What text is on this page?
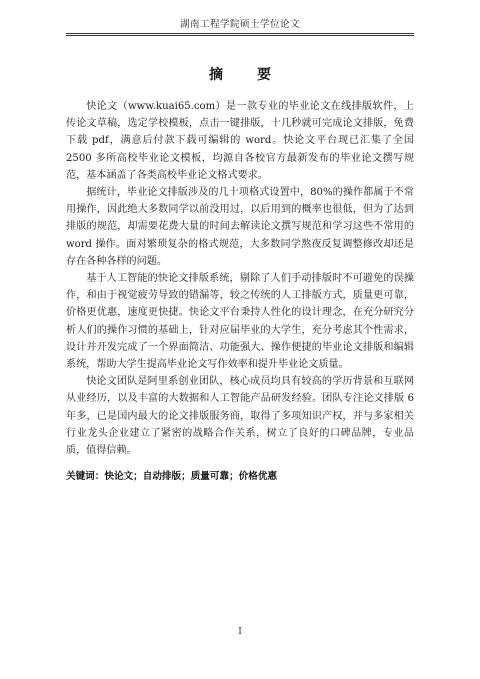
湖南工程学院硕士学位论文
摘　要

快论文（www.kuai65.com）是一款专业的毕业论文在线排版软件，上传论文草稿，选定学校模板，点击一键排版，十几秒就可完成论文排版，免费下载 pdf，满意后付款下载可编辑的 word。快论文平台现已汇集了全国 2500 多所高校毕业论文模板，均源自各校官方最新发布的毕业论文撰写规范，基本涵盖了各类高校毕业论文格式要求。

据统计，毕业论文排版涉及的几十项格式设置中，80%的操作都属于不常用操作，因此绝大多数同学以前没用过，以后用到的概率也很低，但为了达到排版的规范，却需要花费大量的时间去解读论文撰写规范和学习这些不常用的 word 操作。面对繁琐复杂的格式规范，大多数同学熬夜反复调整修改却还是存在各种各样的问题。

基于人工智能的快论文排版系统，剔除了人们手动排版时不可避免的误操作，和由于视觉疲劳导致的错漏等，较之传统的人工排版方式，质量更可靠，价格更优惠，速度更快捷。快论文平台秉持人性化的设计理念，在充分研究分析人们的操作习惯的基础上，针对应届毕业的大学生，充分考虑其个性需求，设计并开发完成了一个界面简洁、功能强大、操作便捷的毕业论文排版和编辑系统，帮助大学生提高毕业论文写作效率和提升毕业论文质量。

快论文团队是阿里系创业团队，核心成员均具有较高的学历背景和互联网从业经历，以及丰富的大数据和人工智能产品研发经验。团队专注论文排版 6 年多，已是国内最大的论文排版服务商，取得了多项知识产权，并与多家相关行业龙头企业建立了紧密的战略合作关系，树立了良好的口碑品牌，专业品质，值得信赖。

关键词：快论文；自动排版；质量可靠；价格优惠
I
